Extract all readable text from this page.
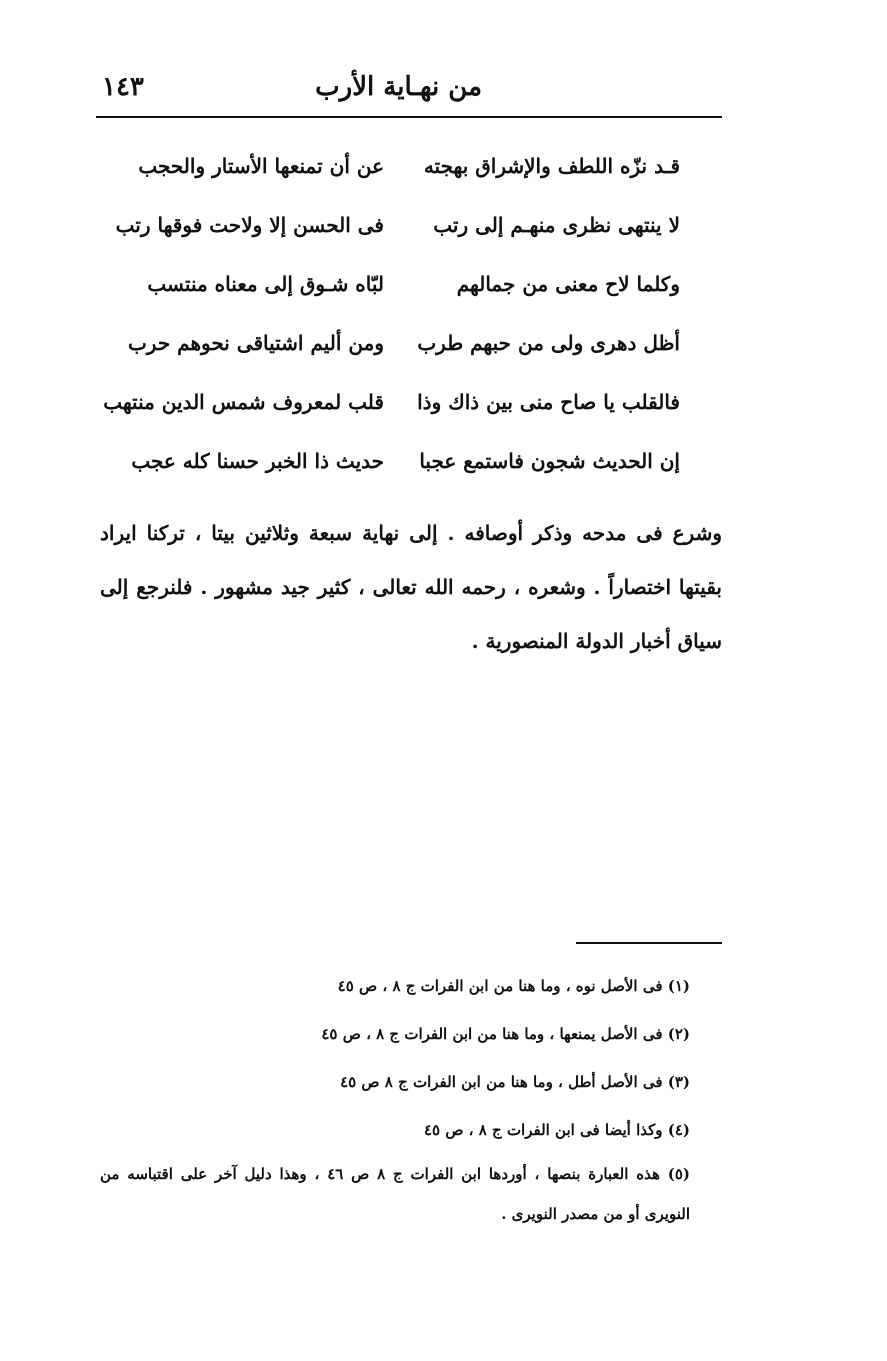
من نهـاية الأرب
١٤٣
قـد نزّه اللطف والإشراق بهجته
عن أن تمنعها الأستار والحجب
لا ينتهى نظرى منهـم إلى رتب
فى الحسن إلا ولاحت فوقها رتب
وكلما لاح معنى من جمالهم
لبّاه شـوق إلى معناه منتسب
أظل دهرى ولى من حبهم طرب
ومن أليم اشتياقى نحوهم حرب
فالقلب يا صاح منى بين ذاك وذا
قلب لمعروف شمس الدين منتهب
إن الحديث شجون فاستمع عجبا
حديث ذا الخبر حسنا كله عجب

وشرع فى مدحه وذكر أوصافه . إلى نهاية سبعة وثلاثين بيتا ، تركنا ايراد بقيتها اختصاراً . وشعره ، رحمه الله تعالى ، كثير جيد مشهور . فلنرجع إلى سياق أخبار الدولة المنصورية .

(١) فى الأصل نوه ، وما هنا من ابن الفرات ج ٨ ، ص ٤٥

(٢) فى الأصل يمنعها ، وما هنا من ابن الفرات ج ٨ ، ص ٤٥

(٣) فى الأصل أطل ، وما هنا من ابن الفرات ج ٨ ص ٤٥

(٤) وكذا أيضا فى ابن الفرات ج ٨ ، ص ٤٥

(٥) هذه العبارة بنصها ، أوردها ابن الفرات ج ٨ ص ٤٦ ، وهذا دليل آخر على اقتباسه من النويرى أو من مصدر النويرى .
